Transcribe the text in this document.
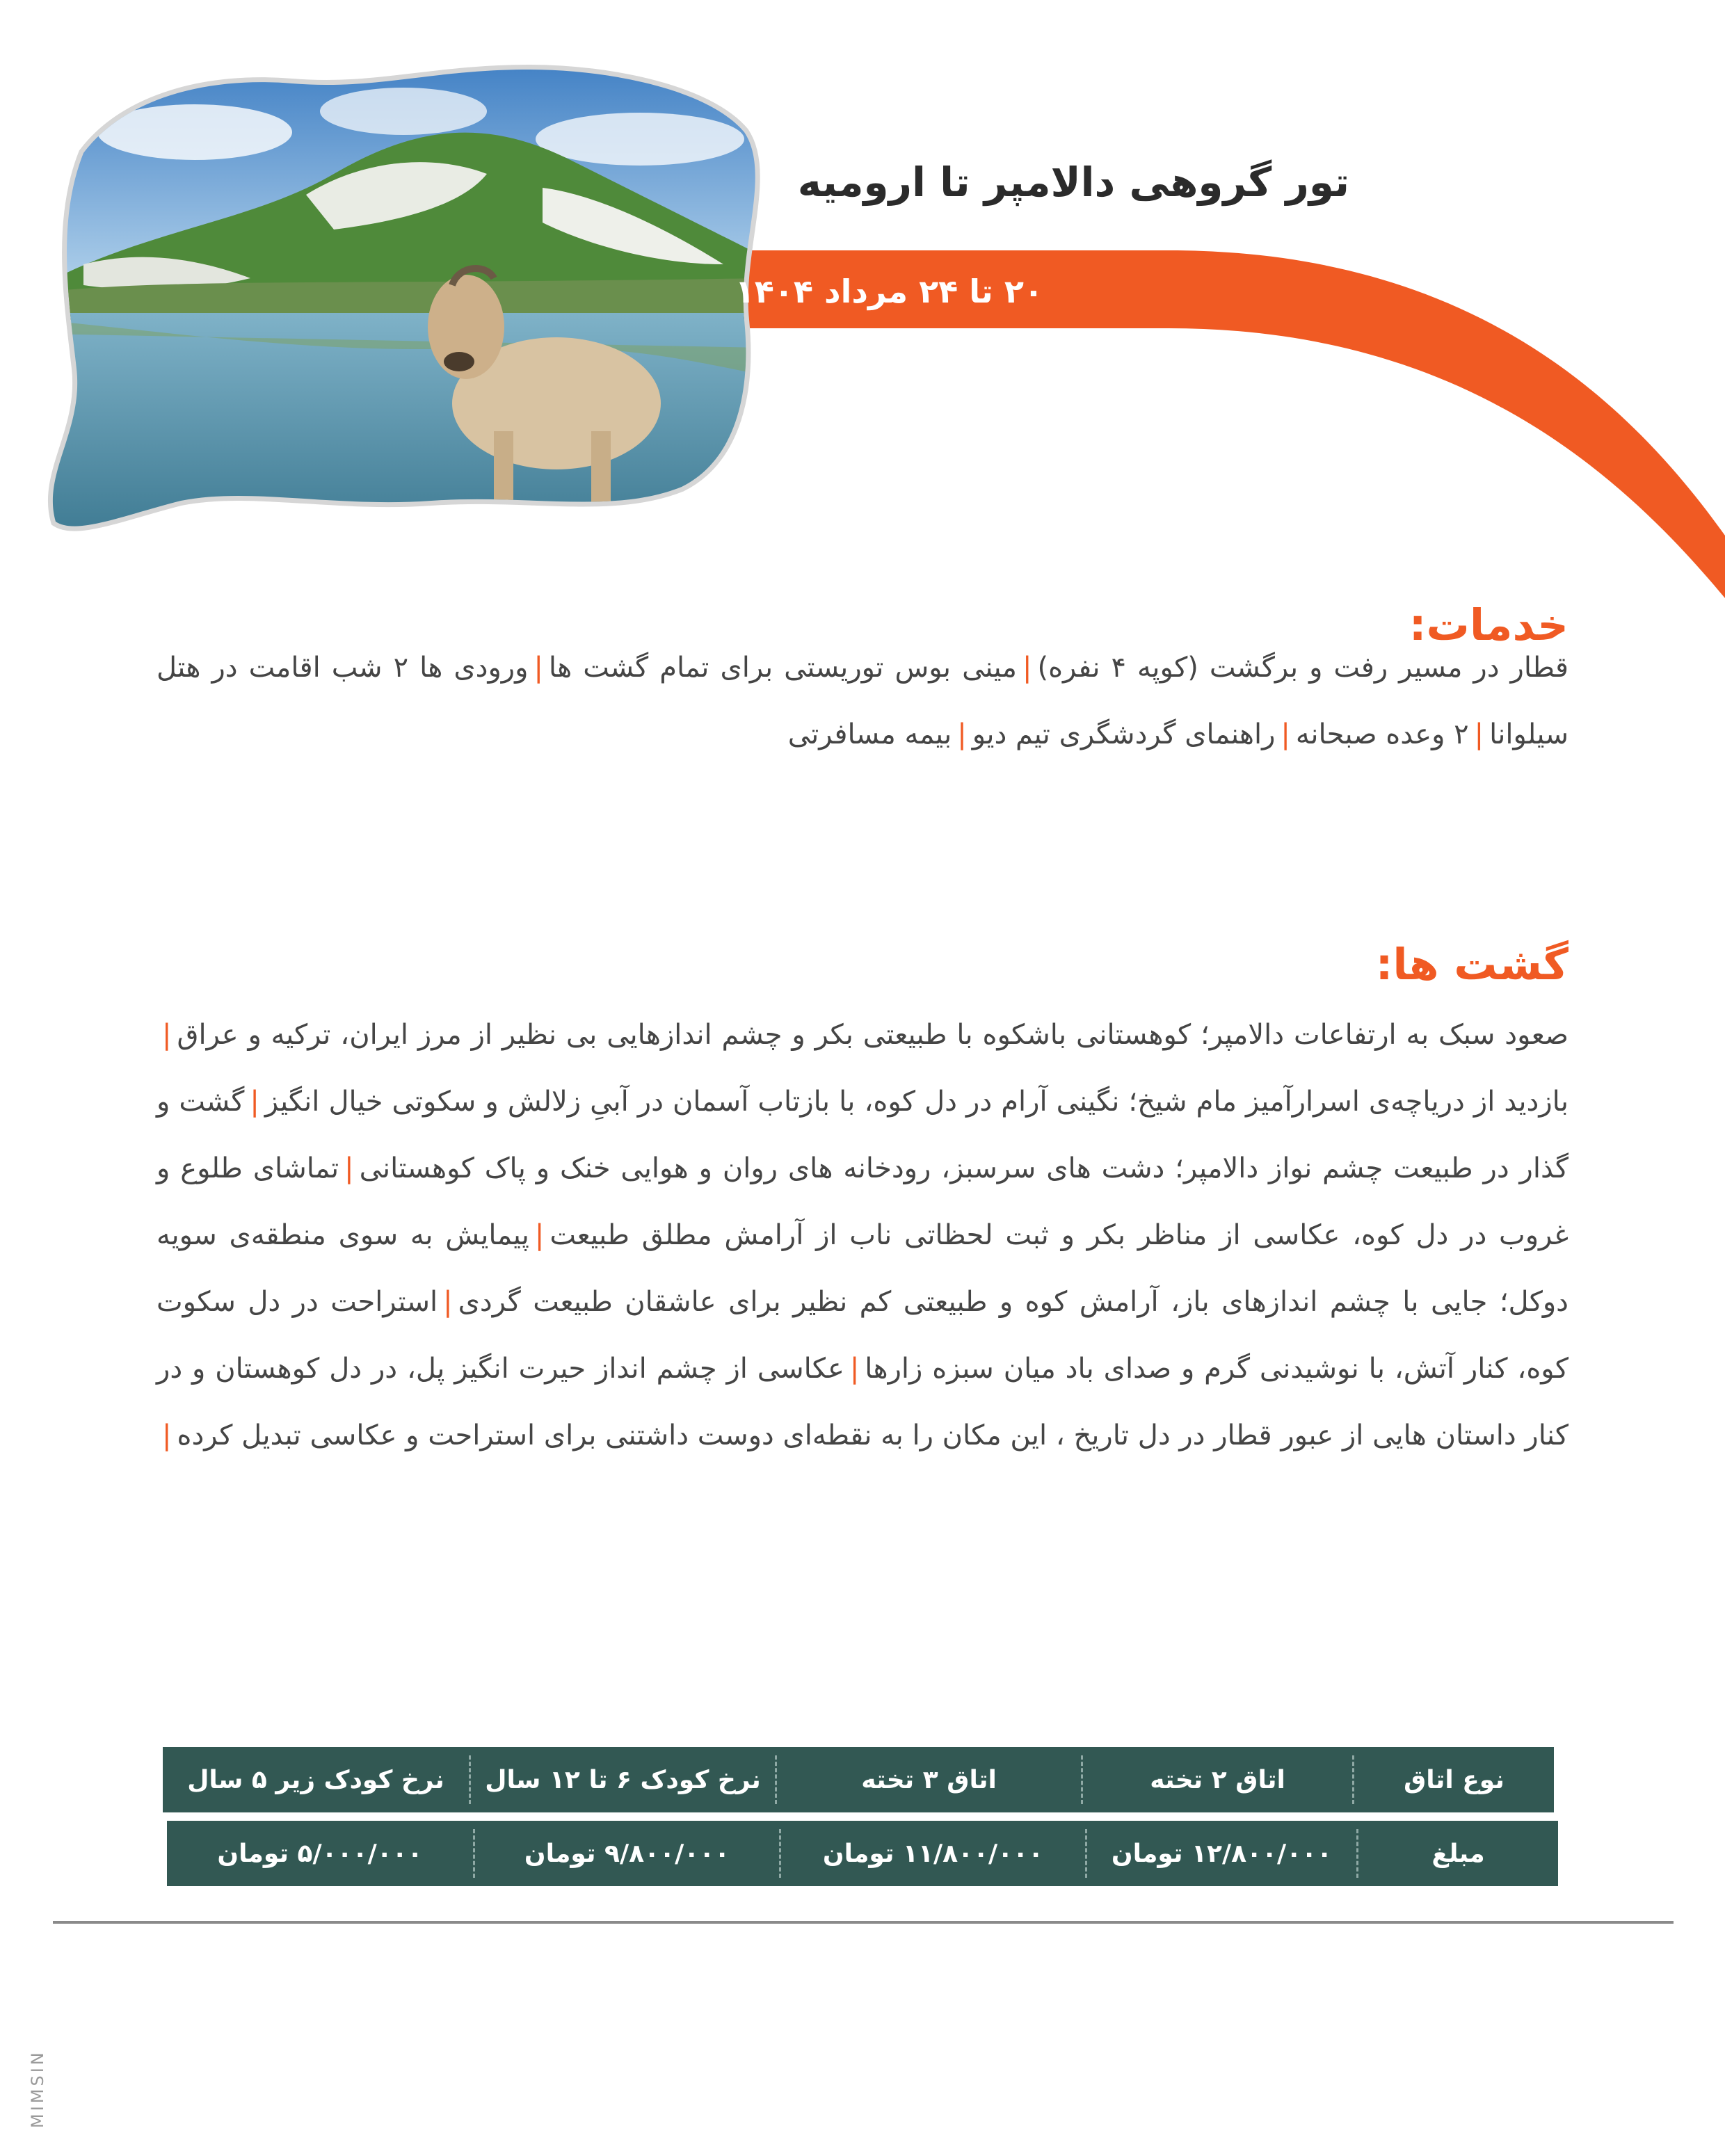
تور گروهی دالامپر تا ارومیه
۲۰ تا ۲۴ مرداد ۱۴۰۴
خدمات:
قطار در مسیر رفت و برگشت (کوپه ۴ نفره)|مینی بوس توریستی برای تمام گشت ها|ورودی ها ۲ شب اقامت در هتل سیلوانا|۲ وعده صبحانه|راهنمای گردشگری تیم دیو|بیمه مسافرتی
گشت ها:
صعود سبک به ارتفاعات دالامپر؛ کوهستانی باشکوه با طبیعتی بکر و چشم اندازهایی بی نظیر از مرز ایران، ترکیه و عراق|بازدید از دریاچه‌ی اسرارآمیز مام شیخ؛ نگینی آرام در دل کوه، با بازتاب آسمان در آبیِ زلالش و سکوتی خیال انگیز|گشت و گذار در طبیعت چشم نواز دالامپر؛ دشت های سرسبز، رودخانه های روان و هوایی خنک و پاک کوهستانی|تماشای طلوع و غروب در دل کوه، عکاسی از مناظر بکر و ثبت لحظاتی ناب از آرامش مطلق طبیعت|پیمایش به سوی منطقه‌ی سویه دوکل؛ جایی با چشم اندازهای باز، آرامش کوه و طبیعتی کم نظیر برای عاشقان طبیعت گردی|استراحت در دل سکوت کوه، کنار آتش، با نوشیدنی گرم و صدای باد میان سبزه زارها|عکاسی از چشم انداز حیرت انگیز پل، در دل کوهستان و در کنار داستان هایی از عبور قطار در دل تاریخ ، این مکان را به نقطه‌ای دوست داشتنی برای استراحت و عکاسی تبدیل کرده|
نوع اتاق
اتاق ۲ تخته
اتاق ۳ تخته
نرخ کودک ۶ تا ۱۲ سال
نرخ کودک زیر ۵ سال
مبلغ
۱۲/۸۰۰/۰۰۰ تومان
۱۱/۸۰۰/۰۰۰ تومان
۹/۸۰۰/۰۰۰ تومان
۵/۰۰۰/۰۰۰ تومان
MIMSIN
